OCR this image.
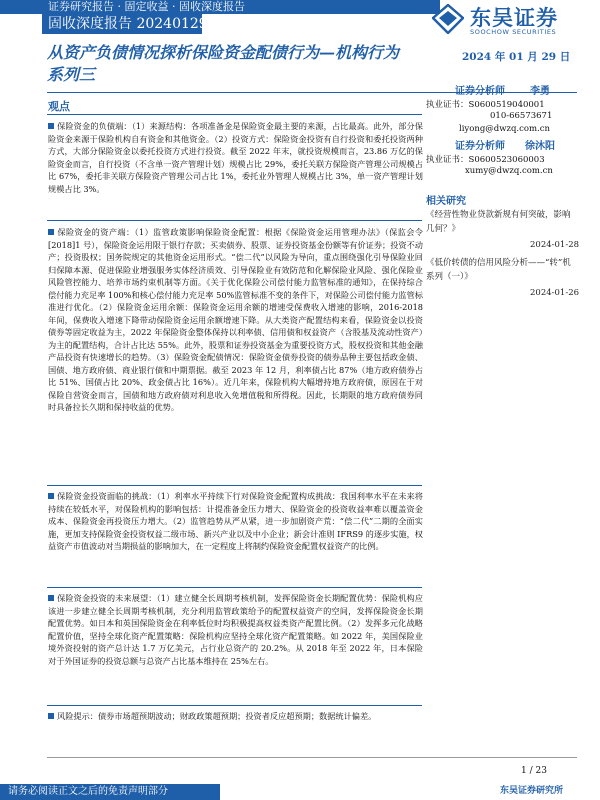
证券研究报告 · 固定收益 · 固收深度报告
固收深度报告 20240129	东吴证券
SOOCHOW SECURITIES
从资产负债情况探析保险资金配债行为—机构行为系列三
2024 年 01 月 29 日
观点
保险资金的负债端：（1）来源结构：各项准备金是保险资金最主要的来源，占比最高。此外，部分保险资金来源于保险机构自有资金和其他资金。（2）投资方式：保险资金投资有自行投资和委托投资两种方式，大部分保险资金以委托投资方式进行投资。截至 2022 年末，就投资规模而言，23.86 万亿的保险资金而言，自行投资（不含单一资产管理计划）规模占比 29%，委托关联方保险资产管理公司规模占比 67%，委托非关联方保险资产管理公司占比 1%，委托业外管理人规模占比 3%，单一资产管理计划规模占比 3%。
保险资金的资产端：（1）监管政策影响保险资金配置：根据《保险资金运用管理办法》（保监会令[2018]1 号），保险资金运用限于银行存款；买卖债券、股票、证券投资基金份额等有价证券；投资不动产；投资股权；国务院规定的其他资金运用形式。“偿二代”以风险为导向，重点围绕强化引导保险业回归保障本源、促进保险业增强服务实体经济质效、引导保险业有效防范和化解保险业风险、强化保险业风险管控能力、培养市场约束机制等方面。《关于优化保险公司偿付能力监管标准的通知》，在保持综合偿付能力充足率 100%和核心偿付能力充足率 50%监管标准不变的条件下，对保险公司偿付能力监管标准进行优化。（2）保险资金运用余额：保险资金运用余额的增速受保费收入增速的影响，2016-2018 年间，保费收入增速下降带动保险资金运用余额增速下降。从大类资产配置结构来看，保险资金以投资债券等固定收益为主，2022 年保险资金整体保持以利率债、信用债和权益资产（含股基及流动性资产）为主的配置结构，合计占比达 55%。此外，股票和证券投资基金为重要投资方式，股权投资和其他金融产品投资有快速增长的趋势。（3）保险资金配债情况：保险资金债券投资的债券品种主要包括政金债、国债、地方政府债、商业银行债和中期票据。截至 2023 年 12 月，利率债占比 87%（地方政府债券占比 51%、国债占比 20%、政金债占比 16%）。近几年来，保险机构大幅增持地方政府债，原因在于对保险自营资金而言，国债和地方政府债对利息收入免增值税和所得税。因此，长期限的地方政府债券同时具备拉长久期和保持收益的优势。
保险资金投资面临的挑战：（1）利率水平持续下行对保险资金配置构成挑战：我国利率水平在未来将持续在较低水平，对保险机构的影响包括：计提准备金压力增大、保险资金的投资收益率难以覆盖资金成本、保险资金再投资压力增大。（2）监管趋势从严从紧，进一步加剧资产荒：“偿二代”二期的全面实施，更加支持保险资金投资权益二级市场、新兴产业以及中小企业；新会计准则 IFRS9 的逐步实施，权益资产市值波动对当期损益的影响加大，在一定程度上将制约保险资金配置权益资产的比例。
保险资金投资的未来展望：（1）建立健全长周期考核机制，发挥保险资金长期配置优势：保险机构应该进一步建立健全长周期考核机制，充分利用监管政策给予的配置权益资产的空间，发挥保险资金长期配置优势。如日本和英国保险资金在利率低位时均积极提高权益类资产配置比例。（2）发挥多元化战略配置价值，坚持全球化资产配置策略：保险机构应坚持全球化资产配置策略。如 2022 年，美国保险业境外资投射的资产总计达 1.7 万亿美元，占行业总资产的 20.2%。从 2018 年至 2022 年，日本保险对于外国证券的投资总额与总资产占比基本维持在 25%左右。
风险提示：债券市场超预期波动；财政政策超预期；投资者反应超预期；数据统计偏差。
证券分析师	李勇
执业证书：S0600519040001
010-66573671
liyong@dwzq.com.cn
证券分析师 徐沐阳
执业证书：S0600523060003
xumy@dwzq.com.cn
相关研究
《经营性物业贷款新规有何突破，影响几何？》
2024-01-28
《低价转债的信用风险分析——“转”机系列（一）》
2024-01-26
1 / 23
东吴证券研究所
请务必阅读正文之后的免责声明部分
